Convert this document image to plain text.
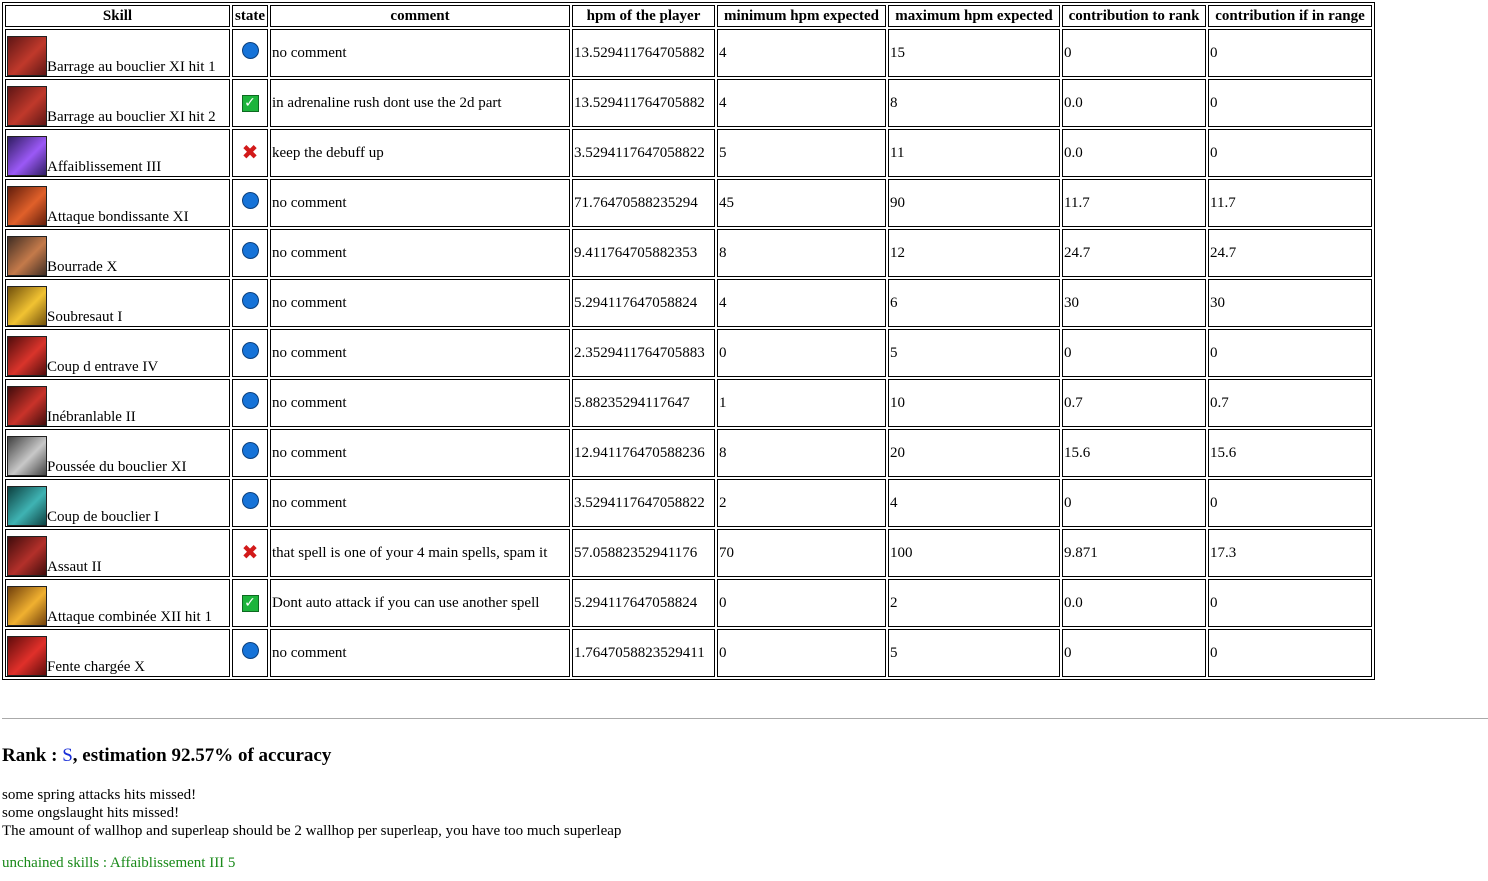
Skill	state	comment	hpm of the player	minimum hpm expected	maximum hpm expected	contribution to rank	contribution if in range
Barrage au bouclier XI hit 1		no comment	13.529411764705882	4	15	0	0
Barrage au bouclier XI hit 2	✓	in adrenaline rush dont use the 2d part	13.529411764705882	4	8	0.0	0
Affaiblissement III	✖	keep the debuff up	3.5294117647058822	5	11	0.0	0
Attaque bondissante XI		no comment	71.76470588235294	45	90	11.7	11.7
Bourrade X		no comment	9.411764705882353	8	12	24.7	24.7
Soubresaut I		no comment	5.294117647058824	4	6	30	30
Coup d entrave IV		no comment	2.3529411764705883	0	5	0	0
Inébranlable II		no comment	5.88235294117647	1	10	0.7	0.7
Poussée du bouclier XI		no comment	12.941176470588236	8	20	15.6	15.6
Coup de bouclier I		no comment	3.5294117647058822	2	4	0	0
Assaut II	✖	that spell is one of your 4 main spells, spam it	57.05882352941176	70	100	9.871	17.3
Attaque combinée XII hit 1	✓	Dont auto attack if you can use another spell	5.294117647058824	0	2	0.0	0
Fente chargée X		no comment	1.7647058823529411	0	5	0	0
Rank : S, estimation 92.57% of accuracy
some spring attacks hits missed!
some ongslaught hits missed!
The amount of wallhop and superleap should be 2 wallhop per superleap, you have too much superleap
unchained skills : Affaiblissement III 5
